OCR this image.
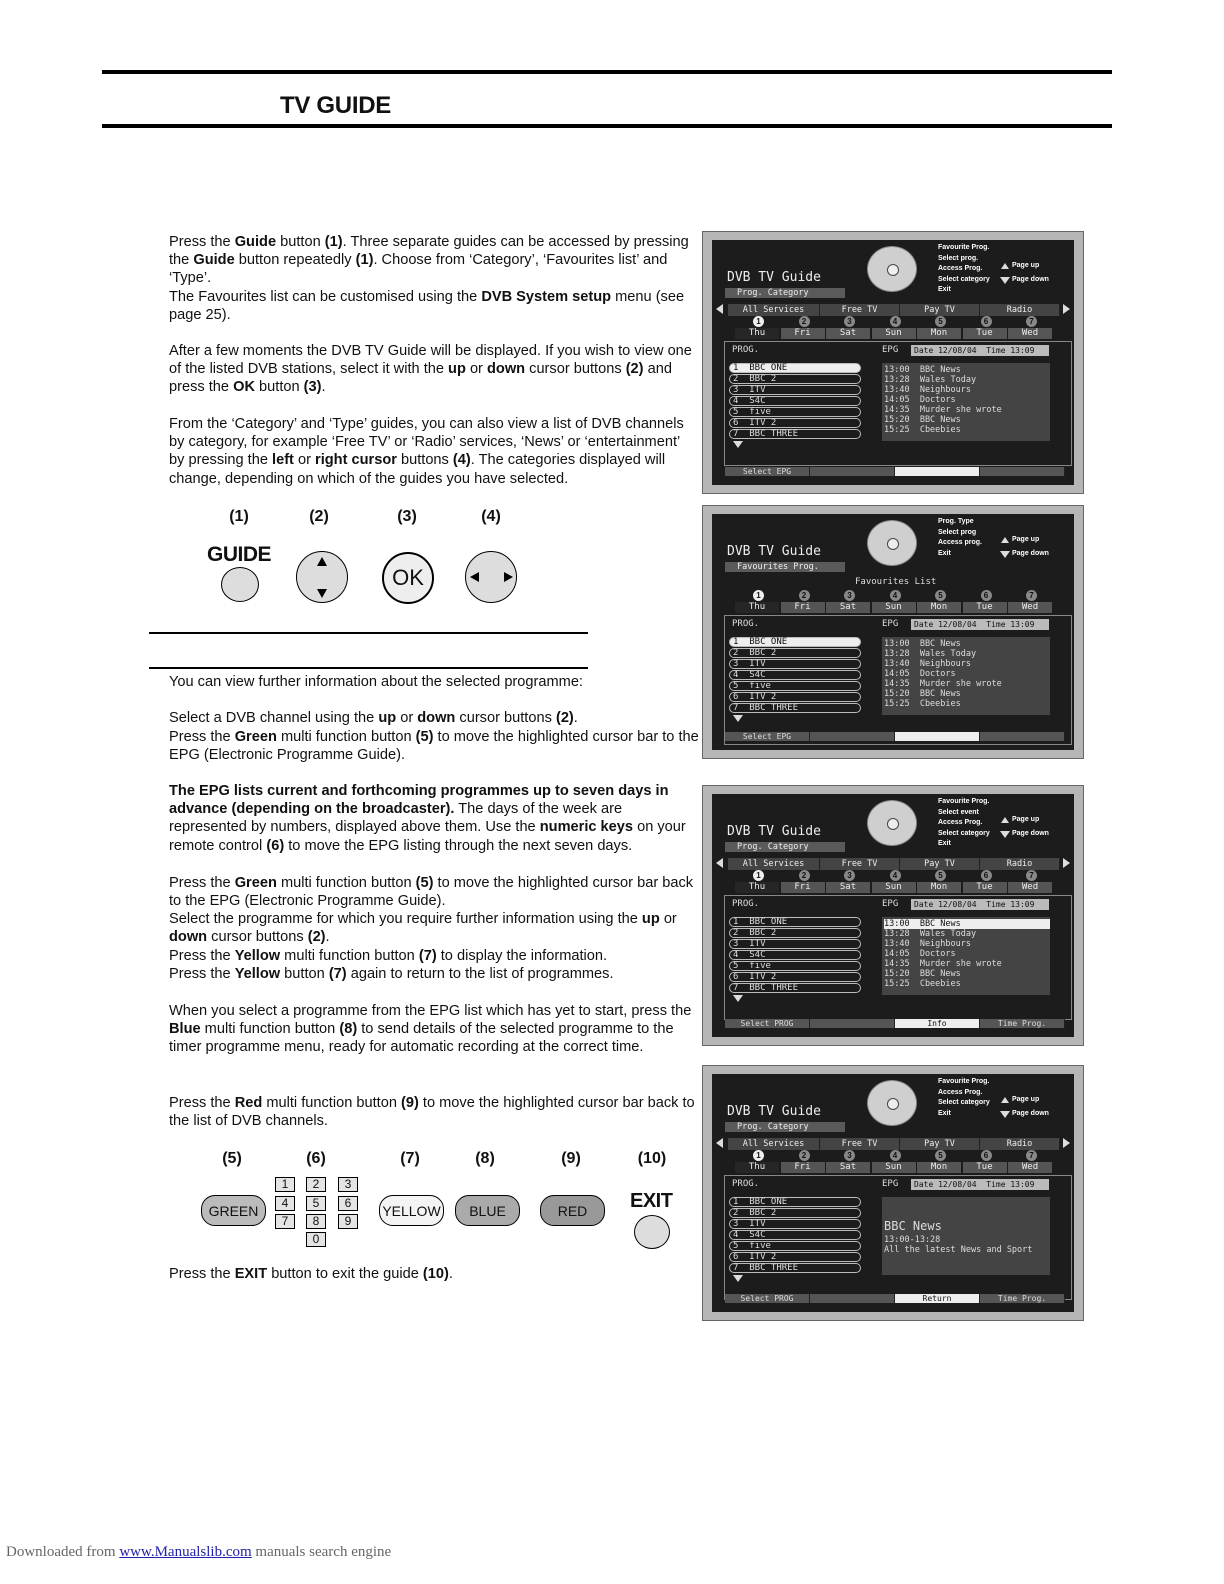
TV GUIDE
Press the Guide button (1). Three separate guides can be accessed by pressing the Guide button repeatedly (1). Choose from ‘Category’, ‘Favourites list’ and ‘Type’.
The Favourites list can be customised using the DVB System setup menu (see page 25).
After a few moments the DVB TV Guide will be displayed. If you wish to view one of the listed DVB stations, select it with the up or down cursor buttons (2) and press the OK button (3).
From the ‘Category’ and ‘Type’ guides, you can also view a list of DVB channels by category, for example ‘Free TV’ or ‘Radio’ services, ‘News’ or ‘entertainment’ by pressing the left or right cursor buttons (4). The categories displayed will change, depending on which of the guides you have selected.
(1)	(2)	(3)	(4)
GUIDE
OK
You can view further information about the selected programme:
Select a DVB channel using the up or down cursor buttons (2).
Press the Green multi function button (5) to move the highlighted cursor bar to the EPG (Electronic Programme Guide).
The EPG lists current and forthcoming programmes up to seven days in advance (depending on the broadcaster). The days of the week are represented by numbers, displayed above them. Use the numeric keys on your remote control (6) to move the EPG listing through the next seven days.
Press the Green multi function button (5) to move the highlighted cursor bar back to the EPG (Electronic Programme Guide).
Select the programme for which you require further information using the up or down cursor buttons (2).
Press the Yellow multi function button (7) to display the information.
Press the Yellow button (7) again to return to the list of programmes.
When you select a programme from the EPG list which has yet to start, press the Blue multi function button (8) to send details of the selected programme to the timer programme menu, ready for automatic recording at the correct time.
Press the Red multi function button (9) to move the highlighted cursor bar back to the list of DVB channels.
(5)	(6)	(7)	(8)	(9)	(10)
GREEN
1	2	3
4	5	6
7	8	9
0
YELLOW BLUE	RED EXIT
Press the EXIT button to exit the guide (10).
DVB TV Guide
Prog. Category
Favourite Prog.
Select prog.
Access Prog.
Select category
Exit
Page up
Page down
All Services	Free TV	Pay TV	Radio
1	2	3	4	5	6	7
Thu	Fri	Sat	Sun	Mon	Tue	Wed
PROG.	EPG	Date 12/08/04  Time 13:09
1  BBC ONE
2  BBC 2
3  ITV
4  S4C
5  five
6  ITV 2
7  BBC THREE
13:00  BBC News
13:28  Wales Today
13:40  Neighbours
14:05  Doctors
14:35  Murder she wrote
15:20  BBC News
15:25  Cbeebies
Select EPG
DVB TV Guide
Favourites Prog.
Prog. Type
Select prog
Access prog.
Exit
Page up
Page down
Favourites List
1	2	3	4	5	6	7
Thu	Fri	Sat	Sun	Mon	Tue	Wed
PROG.	EPG	Date 12/08/04  Time 13:09
1  BBC ONE
2  BBC 2
3  ITV
4  S4C
5  five
6  ITV 2
7  BBC THREE
13:00  BBC News
13:28  Wales Today
13:40  Neighbours
14:05  Doctors
14:35  Murder she wrote
15:20  BBC News
15:25  Cbeebies
Select EPG
DVB TV Guide
Prog. Category
Favourite Prog.
Select event
Access Prog.
Select category
Exit
Page up
Page down
All Services	Free TV	Pay TV	Radio
1	2	3	4	5	6	7
Thu	Fri	Sat	Sun	Mon	Tue	Wed
PROG.	EPG	Date 12/08/04  Time 13:09
1  BBC ONE
2  BBC 2
3  ITV
4  S4C
5  five
6  ITV 2
7  BBC THREE
13:00  BBC News
13:28  Wales Today
13:40  Neighbours
14:05  Doctors
14:35  Murder she wrote
15:20  BBC News
15:25  Cbeebies
Select PROG	Info	Time Prog.
DVB TV Guide
Prog. Category
Favourite Prog.
Access Prog.
Select category
Exit
Page up
Page down
All Services	Free TV	Pay TV	Radio
1	2	3	4	5	6	7
Thu	Fri	Sat	Sun	Mon	Tue	Wed
PROG.	EPG	Date 12/08/04  Time 13:09
1  BBC ONE
2  BBC 2
3  ITV
4  S4C
5  five
6  ITV 2
7  BBC THREE
BBC News
13:00-13:28
All the latest News and Sport
Select PROG	Return	Time Prog.
Downloaded from www.Manualslib.com manuals search engine
